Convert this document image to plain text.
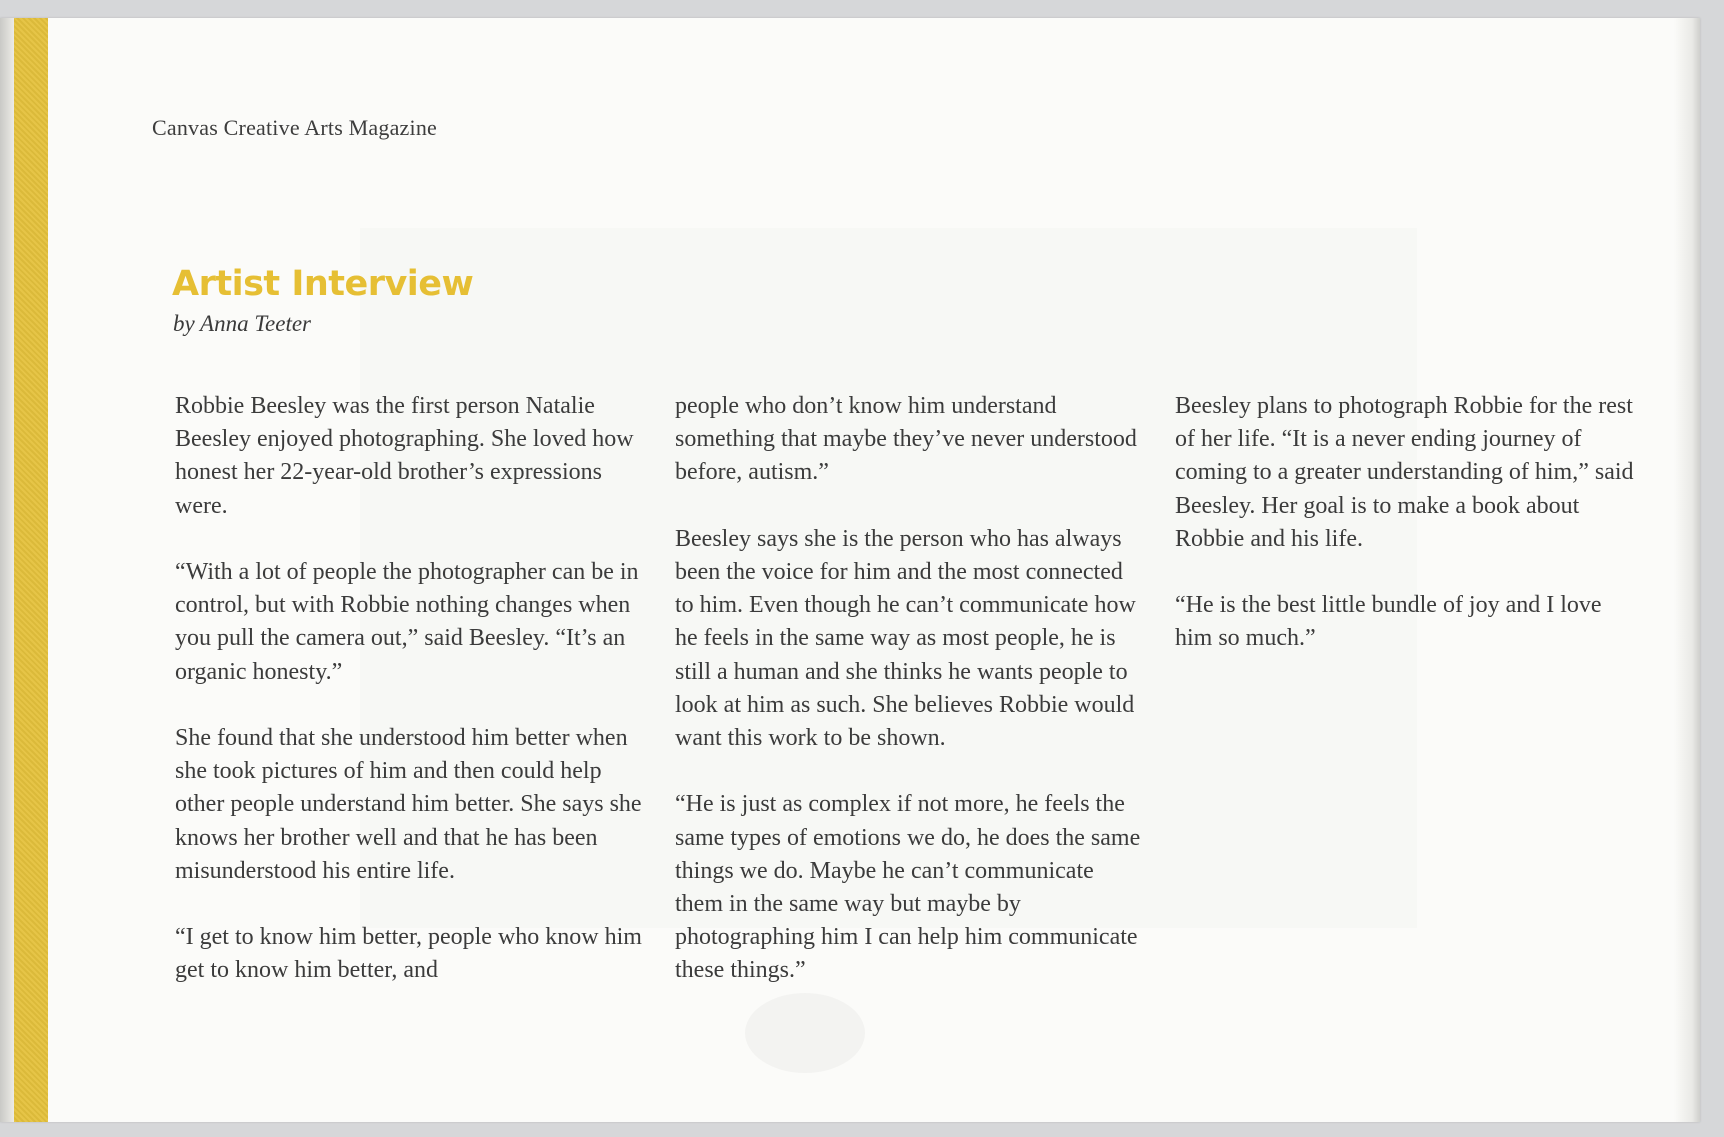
Canvas Creative Arts Magazine
Artist Interview
by Anna Teeter

Robbie Beesley was the first person Natalie Beesley enjoyed photographing. She loved how honest her 22-year-old brother’s expressions were.

“With a lot of people the photographer can be in control, but with Robbie nothing changes when you pull the camera out,” said Beesley. “It’s an organic honesty.”

She found that she understood him better when she took pictures of him and then could help other people understand him better. She says she knows her brother well and that he has been misunderstood his entire life.

“I get to know him better, people who know him get to know him better, and

people who don’t know him understand something that maybe they’ve never understood before, autism.”

Beesley says she is the person who has always been the voice for him and the most connected to him. Even though he can’t communicate how he feels in the same way as most people, he is still a human and she thinks he wants people to look at him as such. She believes Robbie would want this work to be shown.

“He is just as complex if not more, he feels the same types of emotions we do, he does the same things we do. Maybe he can’t communicate them in the same way but maybe by photographing him I can help him communicate these things.”

Beesley plans to photograph Robbie for the rest of her life. “It is a never ending journey of coming to a greater understanding of him,” said Beesley. Her goal is to make a book about Robbie and his life.

“He is the best little bundle of joy and I love him so much.”
